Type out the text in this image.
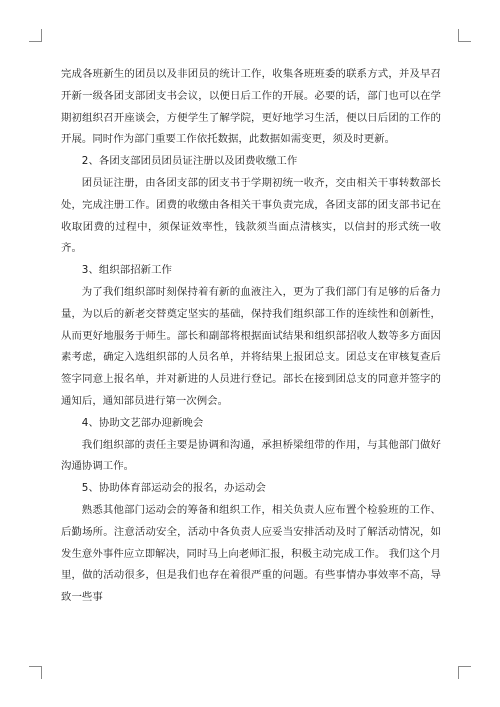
完成各班新生的团员以及非团员的统计工作，收集各班班委的联系方式，并及早召开新一级各团支部团支书会议，以便日后工作的开展。必要的话，部门也可以在学期初组织召开座谈会，方便学生了解学院，更好地学习生活，便以日后团的工作的开展。同时作为部门重要工作依托数据，此数据如需变更，须及时更新。

2、各团支部团员团员证注册以及团费收缴工作

团员证注册，由各团支部的团支书于学期初统一收齐，交由相关干事转数部长处，完成注册工作。团费的收缴由各相关干事负责完成，各团支部的团支部书记在收取团费的过程中，须保证效率性，钱款须当面点清核实，以信封的形式统一收齐。

3、组织部招新工作

为了我们组织部时刻保持着有新的血液注入，更为了我们部门有足够的后备力量，为以后的新老交替奠定坚实的基础，保持我们组织部工作的连续性和创新性，从而更好地服务于师生。部长和副部将根据面试结果和组织部招收人数等多方面因素考虑，确定入选组织部的人员名单，并将结果上报团总支。团总支在审核复查后签字同意上报名单，并对新进的人员进行登记。部长在接到团总支的同意并签字的通知后，通知部员进行第一次例会。

4、协助文艺部办迎新晚会

我们组织部的责任主要是协调和沟通，承担桥梁纽带的作用，与其他部门做好沟通协调工作。

5、协助体育部运动会的报名，办运动会

熟悉其他部门运动会的筹备和组织工作，相关负责人应布置个检验班的工作、后勤场所。注意活动安全，活动中各负责人应妥当安排活动及时了解活动情况，如发生意外事件应立即解决，同时马上向老师汇报，积极主动完成工作。 我们这个月里，做的活动很多，但是我们也存在着很严重的问题。有些事情办事效率不高，导致一些事
